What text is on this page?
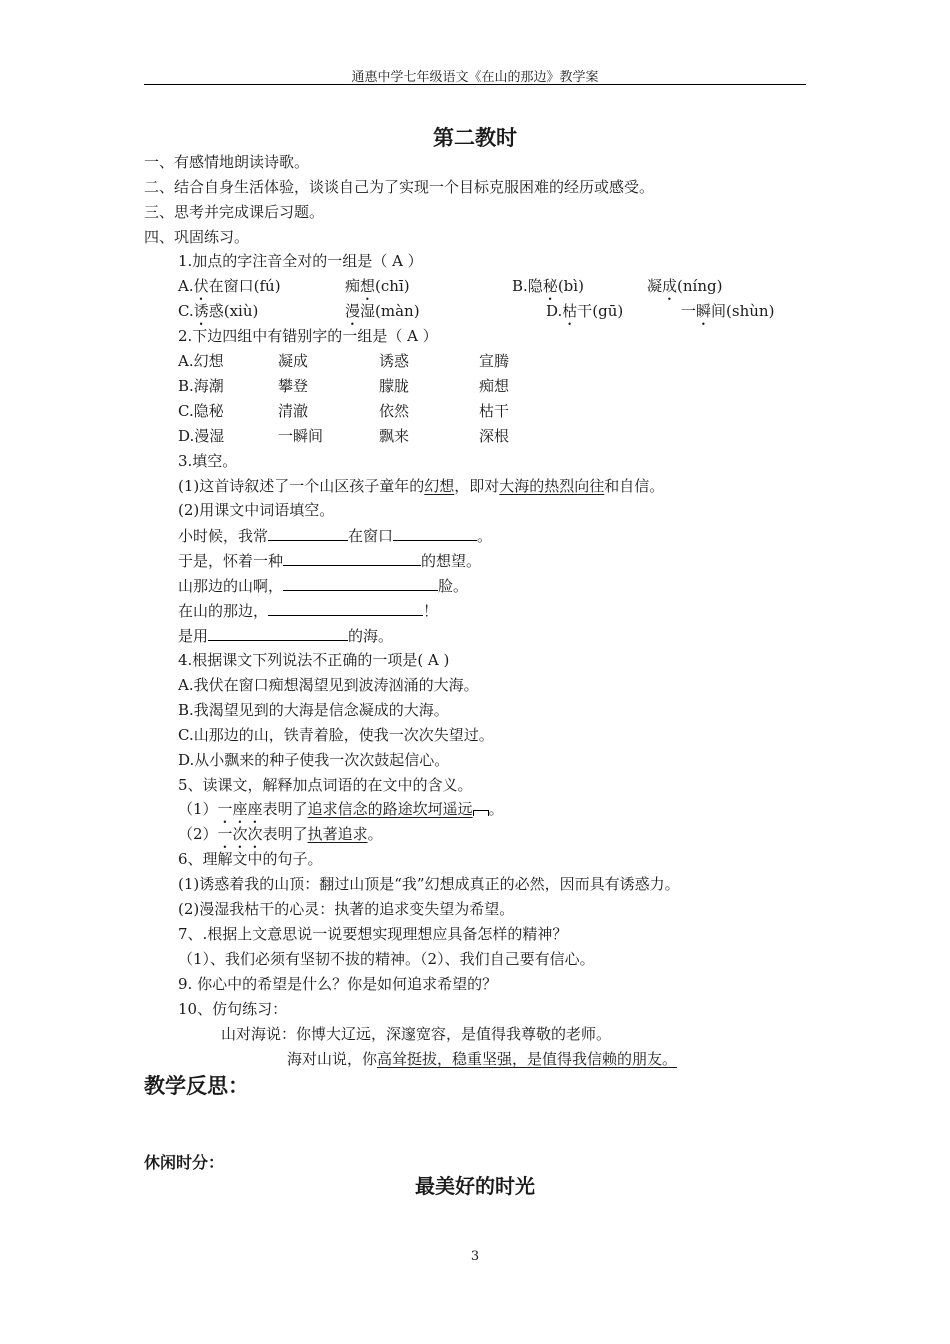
通惠中学七年级语文《在山的那边》教学案
第二教时
一、有感情地朗读诗歌。
二、结合自身生活体验，谈谈自己为了实现一个目标克服困难的经历或感受。
三、思考并完成课后习题。
四、巩固练习。
1.加点的字注音全对的一组是（ A ）
A.伏在窗口(fú)	痴想(chī)	B.隐秘(bì)	凝成(níng)
C.诱惑(xiù)	漫湿(màn)	D.枯干(gū)	一瞬间(shùn)
2.下边四组中有错别字的一组是（ A ）
A.幻想	凝成	诱惑	宣腾
B.海潮	攀登	朦胧	痴想
C.隐秘	清澈	依然	枯干
D.漫湿	一瞬间	飘来	深根
3.填空。
(1)这首诗叙述了一个山区孩子童年的幻想，即对大海的热烈向往和自信。
(2)用课文中词语填空。
小时候，我常	在窗口	。
于是，怀着一种	的想望。
山那边的山啊，	脸。
在山的那边，	！
是用	的海。
4.根据课文下列说法不正确的一项是( A )
A.我伏在窗口痴想渴望见到波涛汹涌的大海。
B.我渴望见到的大海是信念凝成的大海。
C.山那边的山，铁青着脸，使我一次次失望过。
D.从小飘来的种子使我一次次鼓起信心。
5、读课文，解释加点词语的在文中的含义。
（1）一座座表明了追求信念的路途坎坷遥远 。
（2）一次次表明了执著追求。
6、理解文中的句子。
(1)诱惑着我的山顶：翻过山顶是“我”幻想成真正的必然，因而具有诱惑力。
(2)漫湿我枯干的心灵：执著的追求变失望为希望。
7、.根据上文意思说一说要想实现理想应具备怎样的精神？
（1）、我们必须有坚韧不拔的精神。（2）、我们自己要有信心。
9. 你心中的希望是什么？你是如何追求希望的？
10、仿句练习：
山对海说：你博大辽远，深邃宽容，是值得我尊敬的老师。
海对山说，你高耸挺拔，稳重坚强，是值得我信赖的朋友。
教学反思：
休闲时分：
最美好的时光
3
